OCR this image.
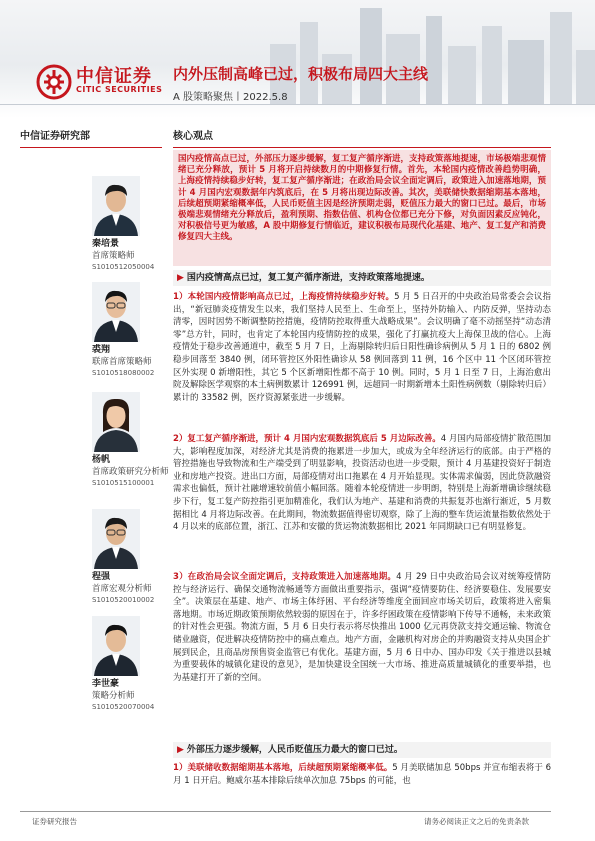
中信证券
CITIC SECURITIES
内外压制高峰已过，积极布局四大主线
A 股策略聚焦丨2022.5.8
中信证券研究部	核心观点
秦培景
首席策略师
S1010512050004
裘翔
联席首席策略师
S1010518080002
杨帆
首席政策研究分析师
S1010515100001
程强
首席宏观分析师
S1010520010002
李世豪
策略分析师
S1010520070004

国内疫情高点已过，外部压力逐步缓解，复工复产循序渐进，支持政策落地提速，市场极端悲观情绪已充分释放，预计 5 月将开启持续数月的中期修复行情。首先，本轮国内疫情改善趋势明确，上海疫情持续稳步好转，复工复产循序渐进；在政治局会议全面定调后，政策进入加速落地期，预计 4 月国内宏观数据年内筑底后，在 5 月将出现边际改善。其次，美联储快数据缩期基本落地，后续超预期紧缩概率低，人民币贬值主因是经济预期走弱，贬值压力最大的窗口已过。最后，市场极端悲观情绪充分释放后，盈利预期、指数估值、机构仓位都已充分下修，对负面因素反应钝化，对积极信号更为敏感，A 股中期修复行情临近，建议积极布局现代化基建、地产、复工复产和消费修复四大主线。

▶ 国内疫情高点已过，复工复产循序渐进，支持政策落地提速。
1）本轮国内疫情影响高点已过，上海疫情持续稳步好转。5 月 5 日召开的中央政治局常委会会议指出，“新冠肺炎疫情发生以来，我们坚持人民至上、生命至上，坚持外防输入、内防反弹，坚持动态清零，因时因势不断调整防控措施，疫情防控取得重大战略成果”。会议明确了毫不动摇坚持“动态清零”总方针，同时，也肯定了本轮国内疫情防控的成果，强化了打赢抗疫大上海保卫战的信心。上海疫情处于稳步改善通道中，截至 5 月 7 日，上海剔除转归后日阳性确诊病例从 5 月 1 日的 6802 例稳步回落至 3840 例，闭环管控区外阳性确诊从 58 例回落到 11 例，16 个区中 11 个区闭环管控区外实现 0 新增阳性，其它 5 个区新增阳性都不高于 10 例。同时，5 月 1 日至 7 日，上海治愈出院及解除医学观察的本土病例数累计 126991 例，远超同一时期新增本土阳性病例数（剔除转归后）累计的 33582 例，医疗资源紧张进一步缓解。
2）复工复产循序渐进，预计 4 月国内宏观数据筑底后 5 月边际改善。4 月国内局部疫情扩散范围加大，影响程度加深，对经济尤其是消费的拖累进一步加大，或成为全年经济运行的底部。由于严格的管控措施也导致物流和生产端受到了明显影响，投资活动也进一步受限，预计 4 月基建投资好于制造业和房地产投资。进出口方面，局部疫情对出口拖累在 4 月开始显现。实体需求偏弱，因此贷款融资需求也偏低，预计社融增速较前值小幅回落。随着本轮疫情进一步明朗，特别是上海新增确诊继续稳步下行，复工复产防控指引更加精准化，我们认为地产、基建和消费的共振复苏也渐行渐近，5 月数据相比 4 月将边际改善。在此期间，物流数据值得密切观察，除了上海的整车货运流量指数依然处于 4 月以来的底部位置，浙江、江苏和安徽的货运物流数据相比 2021 年同期缺口已有明显修复。
3）在政治局会议全面定调后，支持政策进入加速落地期。4 月 29 日中央政治局会议对统筹疫情防控与经济运行、确保交通物流畅通等方面做出重要指示，强调“疫情要防住、经济要稳住、发展要安全”。决策层在基建、地产、市场主体纾困、平台经济等维度全面回应市场关切后，政策将进入密集落地期。市场近期政策预期依然较弱的原因在于，许多纾困政策在疫情影响下传导不通畅，未来政策的针对性会更强。物流方面，5 月 6 日央行表示将尽快推出 1000 亿元再贷款支持交通运输、物流仓储业融资，促进解决疫情防控中的痛点难点。地产方面，金融机构对房企的并购融资支持从央国企扩展到民企，且商品房预售资金监管已有优化。基建方面，5 月 6 日中办、国办印发《关于推进以县城为重要载体的城镇化建设的意见》，是加快建设全国统一大市场、推进高质量城镇化的重要举措，也为基建打开了新的空间。
▶ 外部压力逐步缓解，人民币贬值压力最大的窗口已过。
1）美联储收数据缩期基本落地，后续超预期紧缩概率低。5 月美联储加息 50bps 并宣布缩表将于 6 月 1 日开启。鲍威尔基本排除后续单次加息 75bps 的可能，也
证券研究报告	请务必阅读正文之后的免责条款
